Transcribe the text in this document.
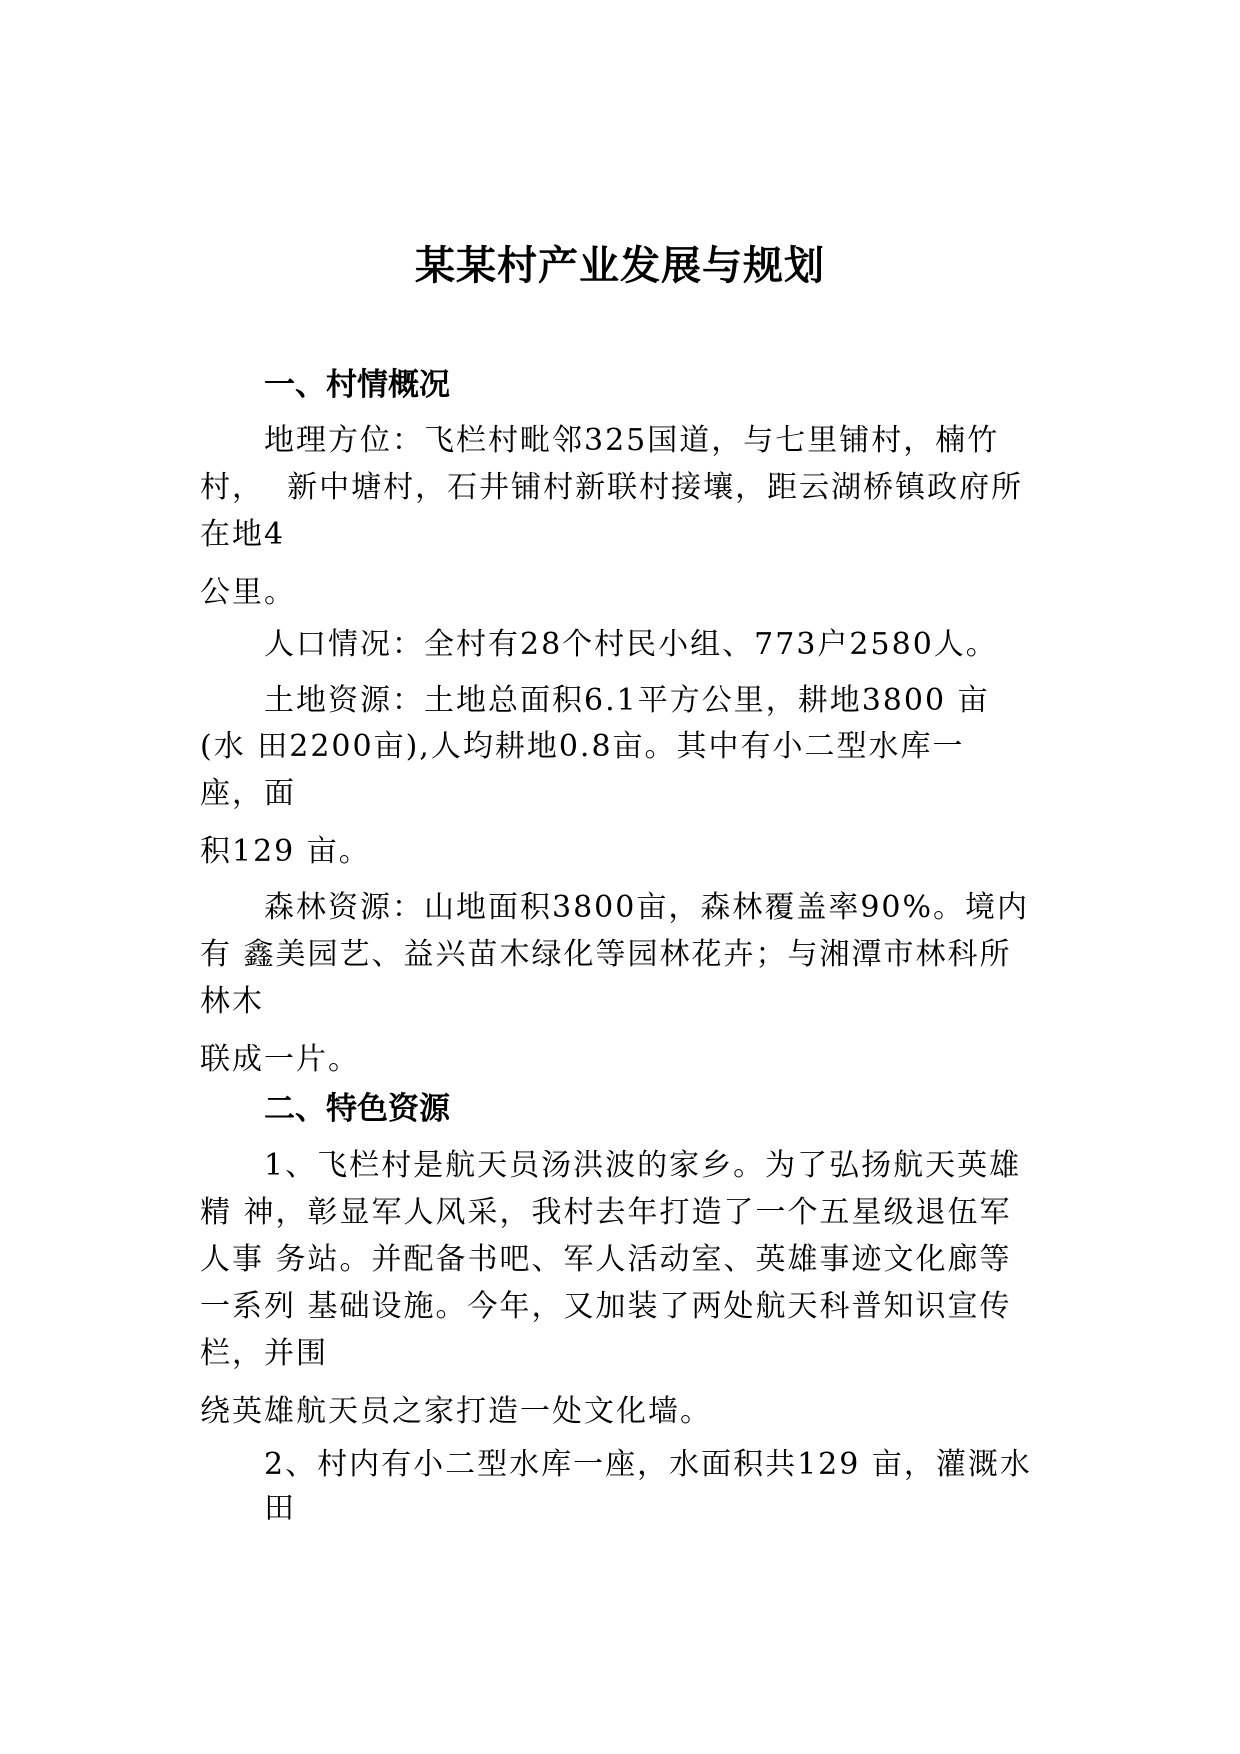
某某村产业发展与规划
一、村情概况
地理方位：飞栏村毗邻325国道，与七里铺村，楠竹
村，  新中塘村，石井铺村新联村接壤，距云湖桥镇政府所
在地4
公里。
人口情况：全村有28个村民小组、773户2580人。
土地资源：土地总面积6.1平方公里，耕地3800 亩
(水 田2200亩),人均耕地0.8亩。其中有小二型水库一
座，面
积129 亩。
森林资源：山地面积3800亩，森林覆盖率90%。境内
有 鑫美园艺、益兴苗木绿化等园林花卉；与湘潭市林科所
林木
联成一片。
二、特色资源
1、飞栏村是航天员汤洪波的家乡。为了弘扬航天英雄
精 神，彰显军人风采，我村去年打造了一个五星级退伍军
人事 务站。并配备书吧、军人活动室、英雄事迹文化廊等
一系列 基础设施。今年，又加装了两处航天科普知识宣传
栏，并围
绕英雄航天员之家打造一处文化墙。
2、村内有小二型水库一座，水面积共129 亩，灌溉水
田
